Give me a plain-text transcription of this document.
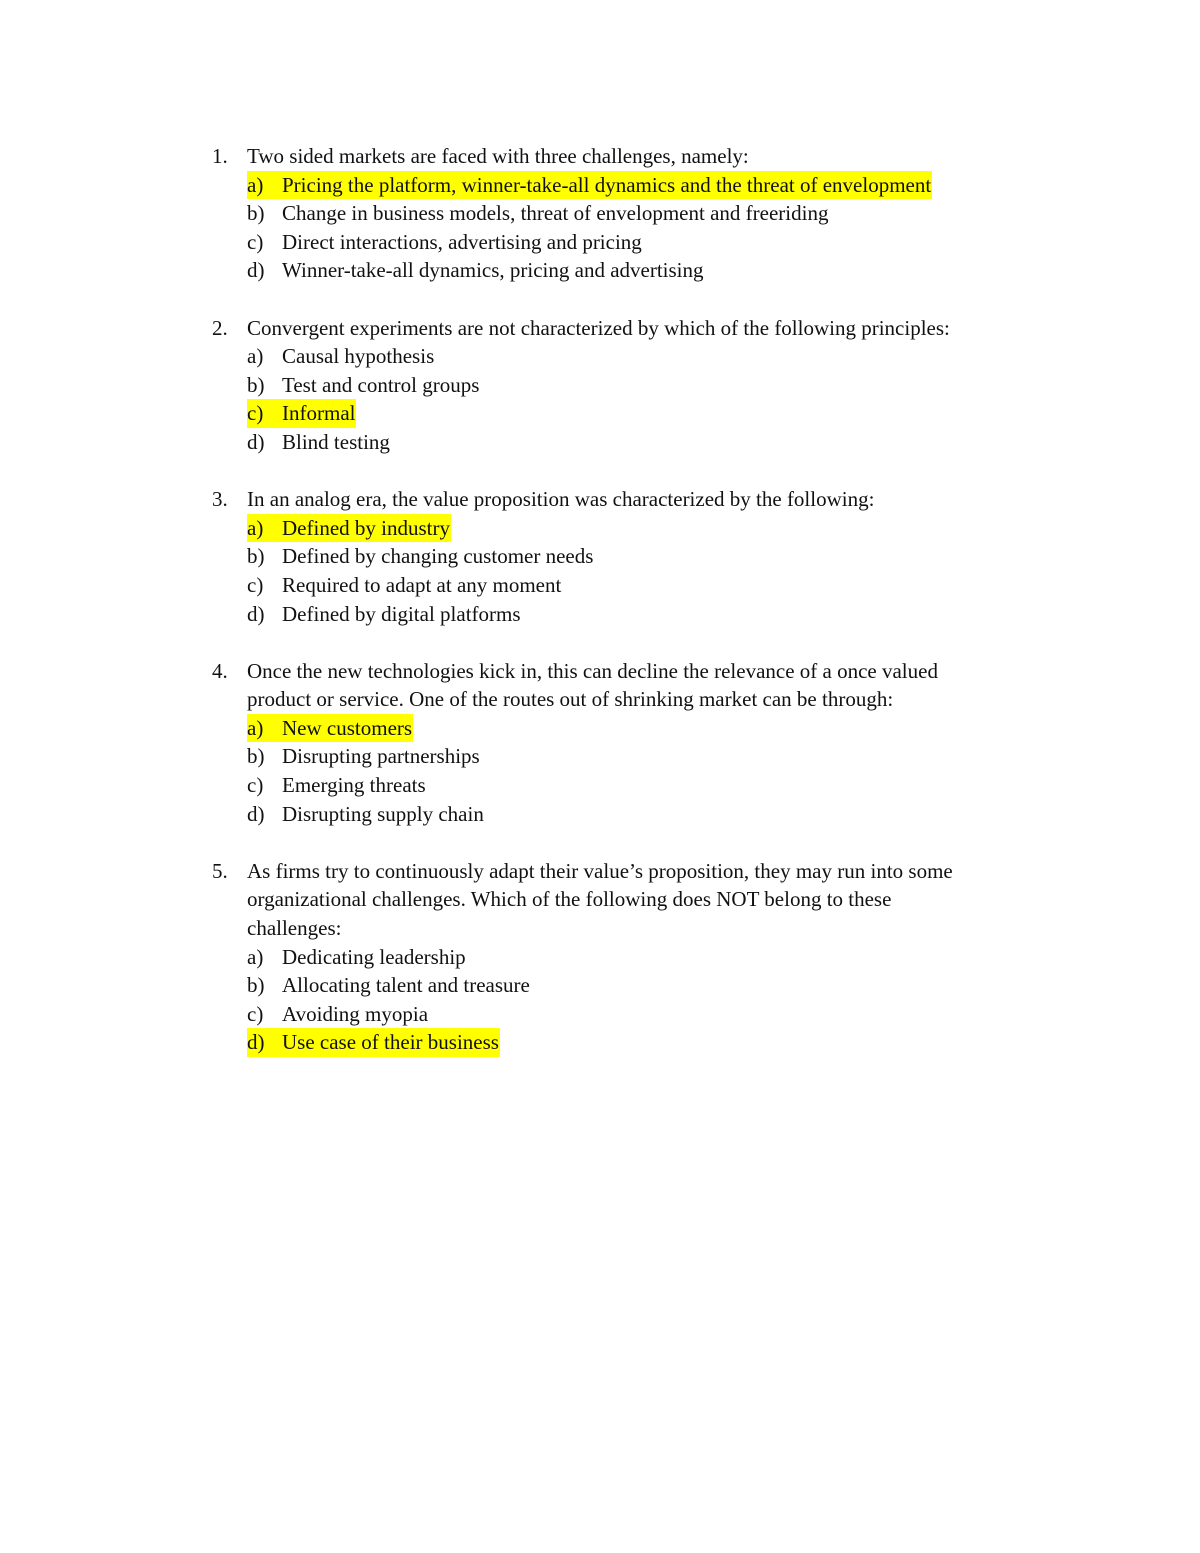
1. Two sided markets are faced with three challenges, namely:
a) Pricing the platform, winner-take-all dynamics and the threat of envelopment
b) Change in business models, threat of envelopment and freeriding
c) Direct interactions, advertising and pricing
d) Winner-take-all dynamics, pricing and advertising
2. Convergent experiments are not characterized by which of the following principles:
a) Causal hypothesis
b) Test and control groups
c) Informal
d) Blind testing
3. In an analog era, the value proposition was characterized by the following:
a) Defined by industry
b) Defined by changing customer needs
c) Required to adapt at any moment
d) Defined by digital platforms
4. Once the new technologies kick in, this can decline the relevance of a once valued
product or service. One of the routes out of shrinking market can be through:
a) New customers
b) Disrupting partnerships
c) Emerging threats
d) Disrupting supply chain
5. As firms try to continuously adapt their value’s proposition, they may run into some
organizational challenges. Which of the following does NOT belong to these
challenges:
a) Dedicating leadership
b) Allocating talent and treasure
c) Avoiding myopia
d) Use case of their business
